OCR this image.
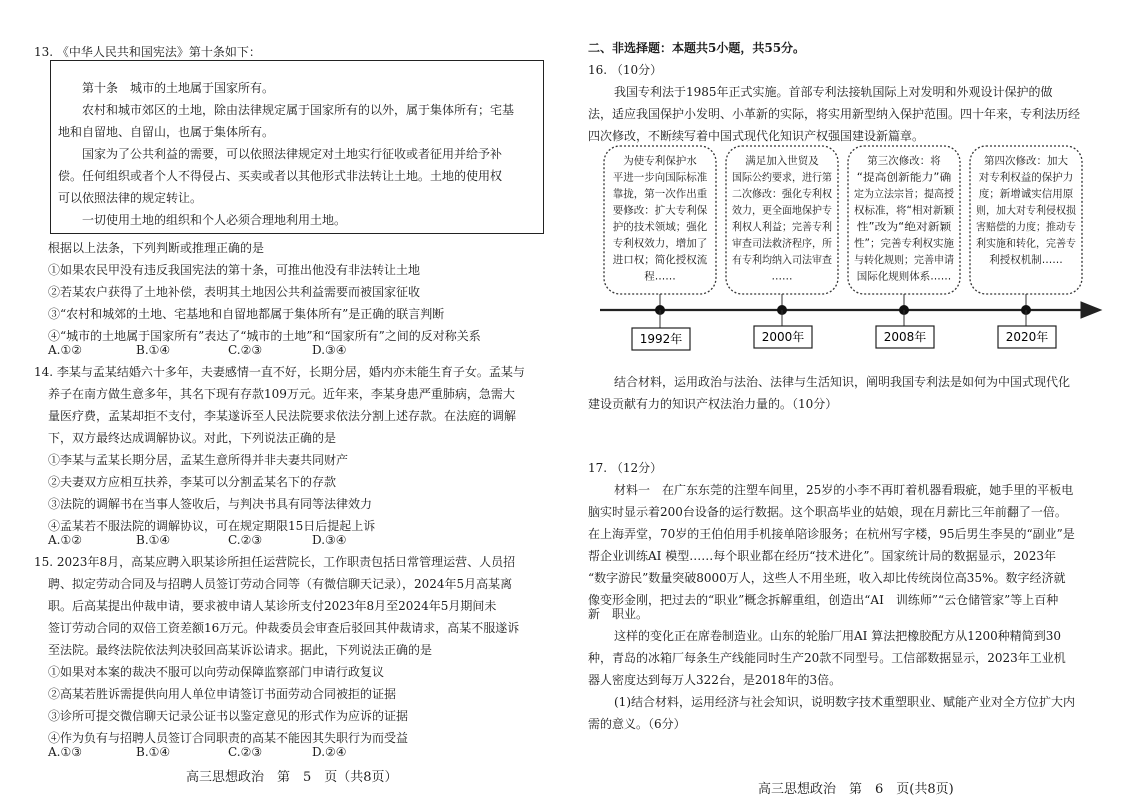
13. 《中华人民共和国宪法》第十条如下：
第十条　城市的土地属于国家所有。
农村和城市郊区的土地，除由法律规定属于国家所有的以外，属于集体所有；宅基
地和自留地、自留山，也属于集体所有。
国家为了公共利益的需要，可以依照法律规定对土地实行征收或者征用并给予补
偿。任何组织或者个人不得侵占、买卖或者以其他形式非法转让土地。土地的使用权
可以依照法律的规定转让。
一切使用土地的组织和个人必须合理地利用土地。
根据以上法条，下列判断或推理正确的是
①如果农民甲没有违反我国宪法的第十条，可推出他没有非法转让土地
②若某农户获得了土地补偿，表明其土地因公共利益需要而被国家征收
③“农村和城郊的土地、宅基地和自留地都属于集体所有”是正确的联言判断
④“城市的土地属于国家所有”表达了“城市的土地”和“国家所有”之间的反对称关系
A.①②	B.①④	C.②③	D.③④
14. 李某与孟某结婚六十多年，夫妻感情一直不好，长期分居，婚内亦未能生育子女。孟某与
养子在南方做生意多年，其名下现有存款109万元。近年来，李某身患严重肺病，急需大
量医疗费，孟某却拒不支付，李某遂诉至人民法院要求依法分割上述存款。在法庭的调解
下，双方最终达成调解协议。对此，下列说法正确的是
①李某与孟某长期分居，孟某生意所得并非夫妻共同财产
②夫妻双方应相互扶养，李某可以分割孟某名下的存款
③法院的调解书在当事人签收后，与判决书具有同等法律效力
④孟某若不服法院的调解协议，可在规定期限15日后提起上诉
A.①②	B.①④	C.②③	D.③④
15. 2023年8月，高某应聘入职某诊所担任运营院长，工作职责包括日常管理运营、人员招
聘、拟定劳动合同及与招聘人员签订劳动合同等（有微信聊天记录），2024年5月高某离
职。后高某提出仲裁申请，要求被申请人某诊所支付2023年8月至2024年5月期间未
签订劳动合同的双倍工资差额16万元。仲裁委员会审查后驳回其仲裁请求，高某不服遂诉
至法院。最终法院依法判决驳回高某诉讼请求。据此，下列说法正确的是
①如果对本案的裁决不服可以向劳动保障监察部门申请行政复议
②高某若胜诉需提供向用人单位申请签订书面劳动合同被拒的证据
③诊所可提交微信聊天记录公证书以鉴定意见的形式作为应诉的证据
④作为负有与招聘人员签订合同职责的高某不能因其失职行为而受益
A.①③	B.①④	C.②③	D.②④
高三思想政治　第　5　页（共8页）
二、非选择题：本题共5小题，共55分。
16. （10分）
我国专利法于1985年正式实施。首部专利法接轨国际上对发明和外观设计保护的做
法，适应我国保护小发明、小革新的实际，将实用新型纳入保护范围。四十年来，专利法历经
四次修改，不断续写着中国式现代化知识产权强国建设新篇章。
为使专利保护水
平进一步向国际标准
靠拢，第一次作出重
要修改：扩大专利保
护的技术领域；强化
专利权效力，增加了
进口权；简化授权流
程……
满足加入世贸及
国际公约要求，进行第
二次修改：强化专利权
效力，更全面地保护专
利权人利益；完善专利
审查司法救济程序，所
有专利均纳入司法审查
……
第三次修改：将
“提高创新能力”确
定为立法宗旨；提高授
权标准，将“相对新颖
性”改为“绝对新颖
性”；完善专利权实施
与转化规则；完善申请
国际化规则体系……
第四次修改：加大
对专利权益的保护力
度；新增诚实信用原
则，加大对专利侵权损
害赔偿的力度；推动专
利实施和转化，完善专
利授权机制……
1992年	2000年	2008年	2020年
结合材料，运用政治与法治、法律与生活知识，阐明我国专利法是如何为中国式现代化
建设贡献有力的知识产权法治力量的。（10分）
17. （12分）
材料一　在广东东莞的注塑车间里，25岁的小李不再盯着机器看瑕疵，她手里的平板电
脑实时显示着200台设备的运行数据。这个职高毕业的姑娘，现在月薪比三年前翻了一倍。
在上海弄堂，70岁的王伯伯用手机接单陪诊服务；在杭州写字楼，95后男生李昊的“副业”是
帮企业训练AI 模型……每个职业都在经历“技术进化”。国家统计局的数据显示，2023年
“数字游民”数量突破8000万人，这些人不用坐班，收入却比传统岗位高35%。数字经济就
像变形金刚，把过去的“职业”概念拆解重组，创造出“AI　训练师”“云仓储管家”等上百种
新　职业。
这样的变化正在席卷制造业。山东的轮胎厂用AI 算法把橡胶配方从1200种精简到30
种，青岛的冰箱厂每条生产线能同时生产20款不同型号。工信部数据显示，2023年工业机
器人密度达到每万人322台，是2018年的3倍。
(1)结合材料，运用经济与社会知识，说明数字技术重塑职业、赋能产业对全方位扩大内
需的意义。（6分）
高三思想政治　第　6　页(共8页)
